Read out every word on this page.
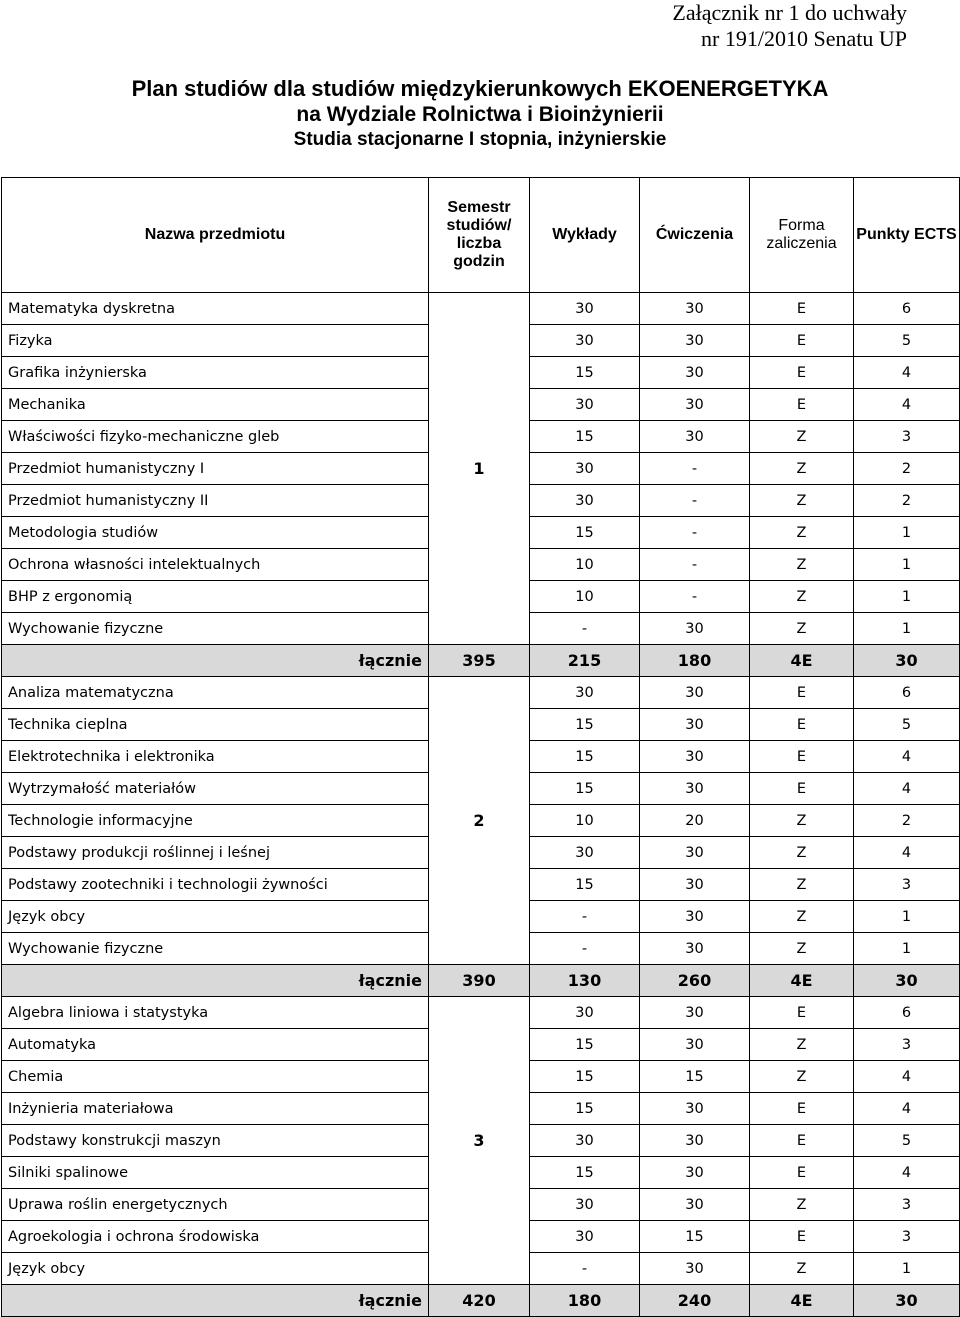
Załącznik nr 1 do uchwały
nr 191/2010 Senatu UP
Plan studiów dla studiów międzykierunkowych EKOENERGETYKA
na Wydziale Rolnictwa i Bioinżynierii
Studia stacjonarne I stopnia, inżynierskie
Nazwa przedmiotu	Semestr studiów/ liczba godzin	Wykłady	Ćwiczenia	Forma zaliczenia	Punkty ECTS
Matematyka dyskretna	1	30	30	E	6
Fizyka		30	30	E	5
Grafika inżynierska		15	30	E	4
Mechanika		30	30	E	4
Właściwości fizyko-mechaniczne gleb		15	30	Z	3
Przedmiot humanistyczny I		30	-	Z	2
Przedmiot humanistyczny II		30	-	Z	2
Metodologia studiów		15	-	Z	1
Ochrona własności intelektualnych		10	-	Z	1
BHP z ergonomią		10	-	Z	1
Wychowanie fizyczne		-	30	Z	1
łącznie	395	215	180	4E	30
Analiza matematyczna	2	30	30	E	6
Technika cieplna		15	30	E	5
Elektrotechnika i elektronika		15	30	E	4
Wytrzymałość materiałów		15	30	E	4
Technologie informacyjne		10	20	Z	2
Podstawy produkcji roślinnej i leśnej		30	30	Z	4
Podstawy zootechniki i technologii żywności		15	30	Z	3
Język obcy		-	30	Z	1
Wychowanie fizyczne		-	30	Z	1
łącznie	390	130	260	4E	30
Algebra liniowa i statystyka	3	30	30	E	6
Automatyka		15	30	Z	3
Chemia		15	15	Z	4
Inżynieria materiałowa		15	30	E	4
Podstawy konstrukcji maszyn		30	30	E	5
Silniki spalinowe		15	30	E	4
Uprawa roślin energetycznych		30	30	Z	3
Agroekologia i ochrona środowiska		30	15	E	3
Język obcy		-	30	Z	1
łącznie	420	180	240	4E	30
